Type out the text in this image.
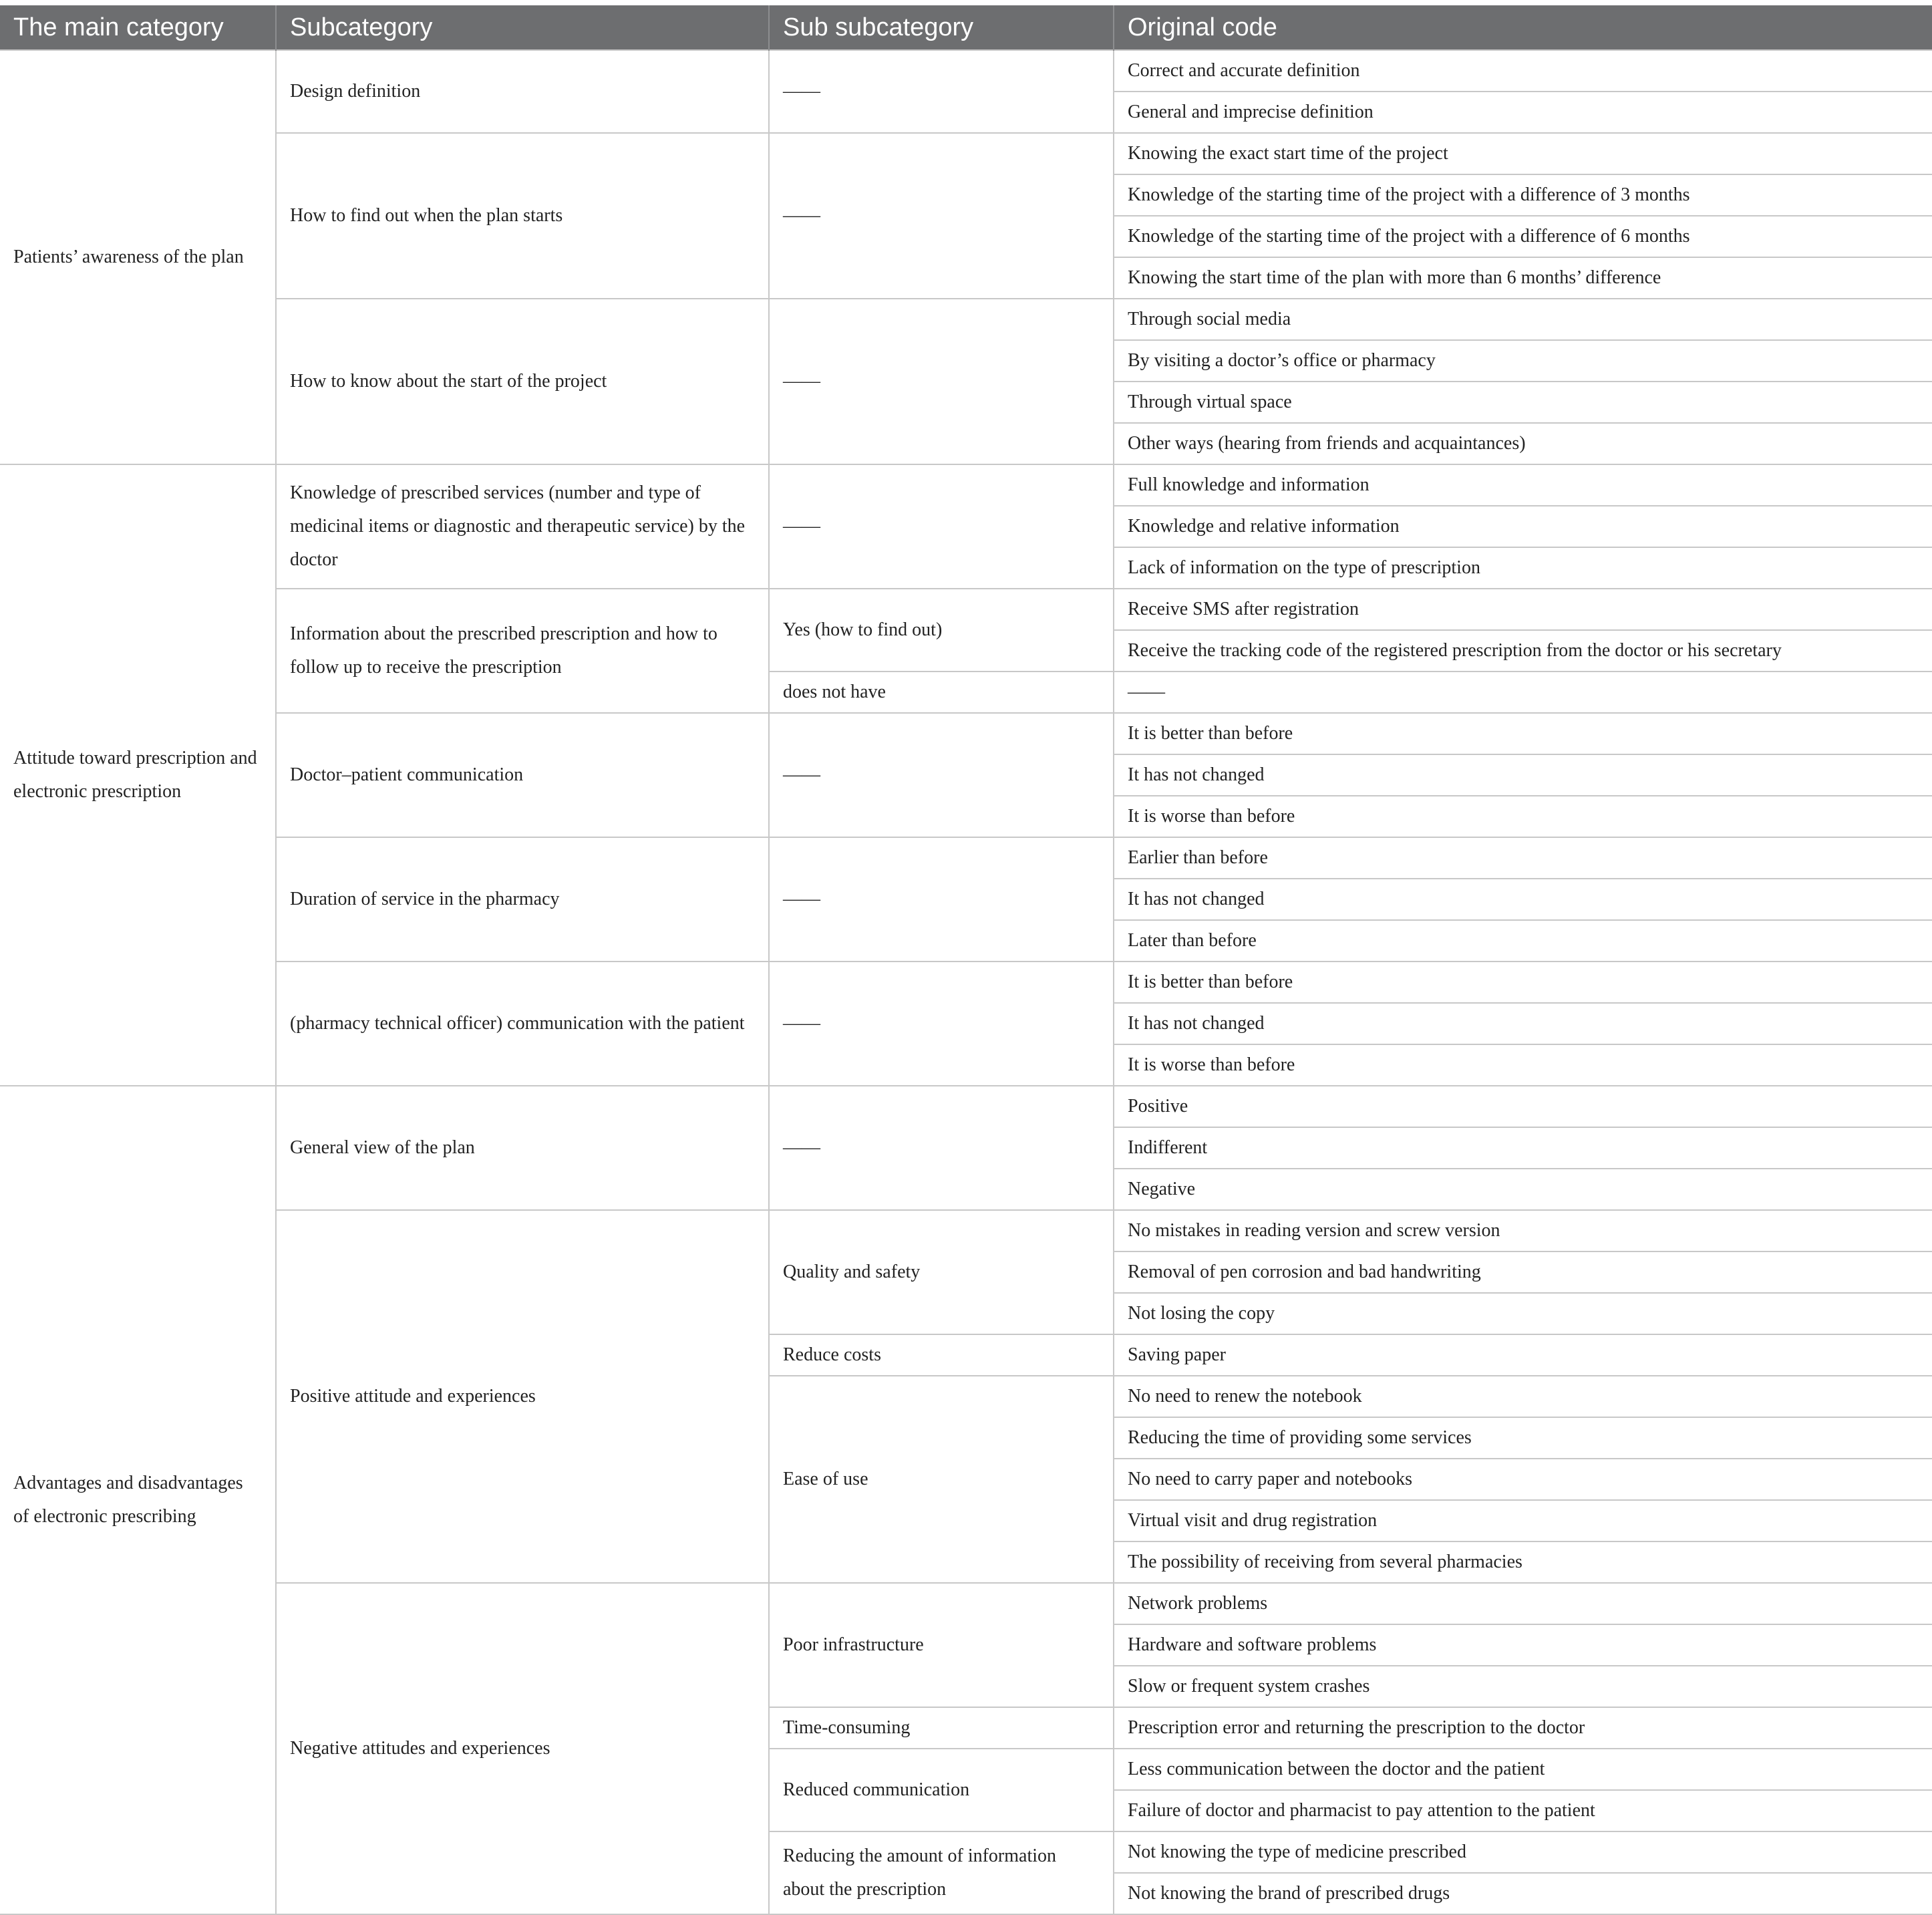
The main category	Subcategory	Sub subcategory	Original code
Patients’ awareness of the plan	Design definition	——	Correct and accurate definition
			General and imprecise definition
	How to find out when the plan starts	——	Knowing the exact start time of the project
			Knowledge of the starting time of the project with a difference of 3 months
			Knowledge of the starting time of the project with a difference of 6 months
			Knowing the start time of the plan with more than 6 months’ difference
	How to know about the start of the project	——	Through social media
			By visiting a doctor’s office or pharmacy
			Through virtual space
			Other ways (hearing from friends and acquaintances)
Attitude toward prescription and electronic prescription	Knowledge of prescribed services (number and type of medicinal items or diagnostic and therapeutic service) by the doctor	——	Full knowledge and information
			Knowledge and relative information
			Lack of information on the type of prescription
	Information about the prescribed prescription and how to follow up to receive the prescription	Yes (how to find out)	Receive SMS after registration
			Receive the tracking code of the registered prescription from the doctor or his secretary
		does not have	——
	Doctor–patient communication	——	It is better than before
			It has not changed
			It is worse than before
	Duration of service in the pharmacy	——	Earlier than before
			It has not changed
			Later than before
	(pharmacy technical officer) communication with the patient	——	It is better than before
			It has not changed
			It is worse than before
Advantages and disadvantages of electronic prescribing	General view of the plan	——	Positive
			Indifferent
			Negative
	Positive attitude and experiences	Quality and safety	No mistakes in reading version and screw version
			Removal of pen corrosion and bad handwriting
			Not losing the copy
		Reduce costs	Saving paper
		Ease of use	No need to renew the notebook
			Reducing the time of providing some services
			No need to carry paper and notebooks
			Virtual visit and drug registration
			The possibility of receiving from several pharmacies
	Negative attitudes and experiences	Poor infrastructure	Network problems
			Hardware and software problems
			Slow or frequent system crashes
		Time-consuming	Prescription error and returning the prescription to the doctor
		Reduced communication	Less communication between the doctor and the patient
			Failure of doctor and pharmacist to pay attention to the patient
		Reducing the amount of information about the prescription	Not knowing the type of medicine prescribed
			Not knowing the brand of prescribed drugs
